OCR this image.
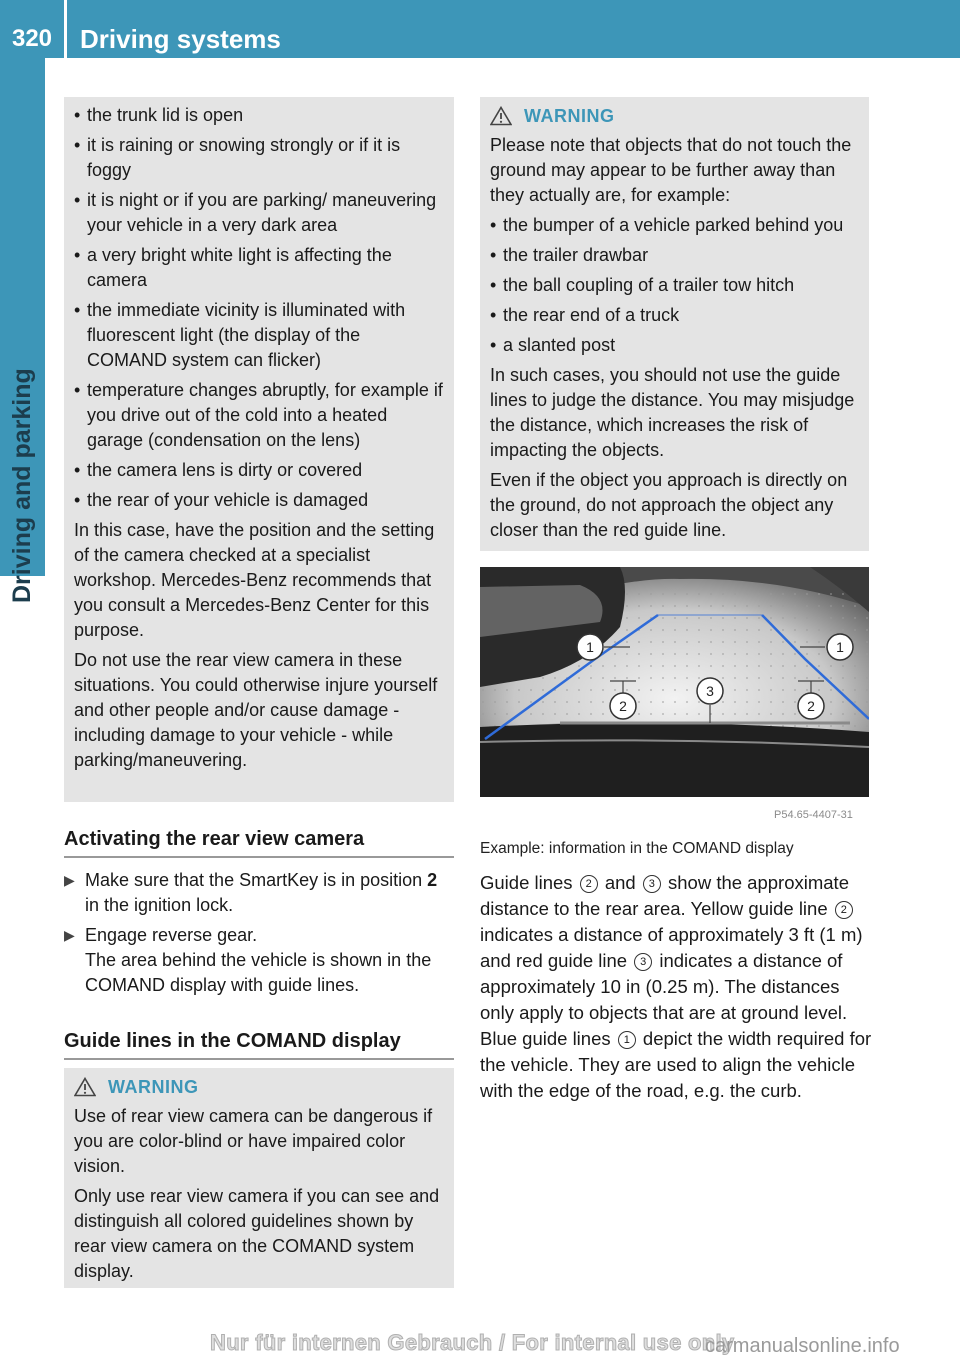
320	Driving systems
Driving and parking
• the trunk lid is open
• it is raining or snowing strongly or if it is foggy
• it is night or if you are parking/ maneuvering your vehicle in a very dark area
• a very bright white light is affecting the camera
• the immediate vicinity is illuminated with fluorescent light (the display of the COMAND system can flicker)
• temperature changes abruptly, for example if you drive out of the cold into a heated garage (condensation on the lens)
• the camera lens is dirty or covered
• the rear of your vehicle is damaged

In this case, have the position and the setting of the camera checked at a specialist workshop. Mercedes-Benz recommends that you consult a Mercedes-Benz Center for this purpose.

Do not use the rear view camera in these situations. You could otherwise injure yourself and other people and/or cause damage - including damage to your vehicle - while parking/maneuvering.

Activating the rear view camera
▶ Make sure that the SmartKey is in position 2 in the ignition lock.
▶ Engage reverse gear.
The area behind the vehicle is shown in the COMAND display with guide lines.
Guide lines in the COMAND display
WARNING

Use of rear view camera can be dangerous if you are color-blind or have impaired color vision.

Only use rear view camera if you can see and distinguish all colored guidelines shown by rear view camera on the COMAND system display.

WARNING

Please note that objects that do not touch the ground may appear to be further away than they actually are, for example:

• the bumper of a vehicle parked behind you
• the trailer drawbar
• the ball coupling of a trailer tow hitch
• the rear end of a truck
• a slanted post

In such cases, you should not use the guide lines to judge the distance. You may misjudge the distance, which increases the risk of impacting the objects.

Even if the object you approach is directly on the ground, do not approach the object any closer than the red guide line.

1	1
2	2
3
P54.65-4407-31
Example: information in the COMAND display

Guide lines 2 and 3 show the approximate distance to the rear area. Yellow guide line 2 indicates a distance of approximately 3 ft (1 m) and red guide line 3 indicates a distance of approximately 10 in (0.25 m). The distances only apply to objects that are at ground level. Blue guide lines 1 depict the width required for the vehicle. They are used to align the vehicle with the edge of the road, e.g. the curb.

Nur für internen Gebrauch / For internal use only
carmanualsonline.info
